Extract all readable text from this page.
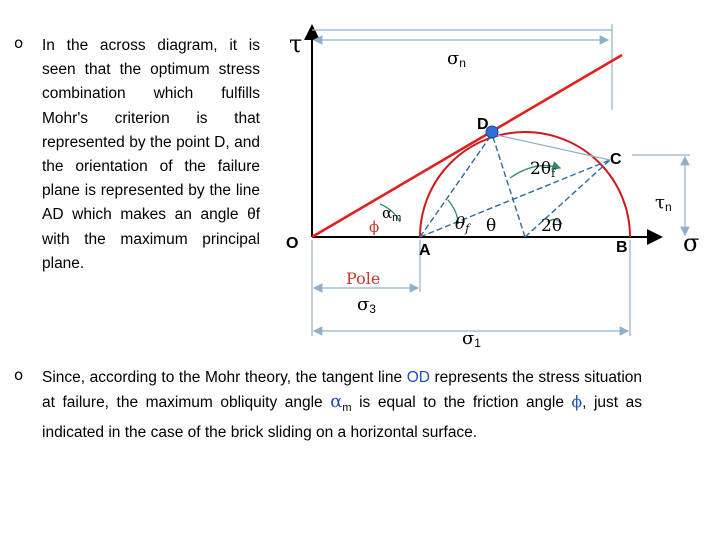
o In the across diagram, it is seen that the optimum stress combination which fulfills Mohr's criterion is that represented by the point D, and the orientation of the failure plane is represented by the line AD which makes an angle θf with the maximum principal plane.
τ
σ
σn
τn
D
C
O	A	B
Pole
σ3
σ1
2θf
2θ
θf θ
ϕ
$\alpha_m$
o Since, according to the Mohr theory, the tangent line OD represents the stress situation at failure, the maximum obliquity angle $\alpha_m$ is equal to the friction angle ϕ, just as indicated in the case of the brick sliding on a horizontal surface.
